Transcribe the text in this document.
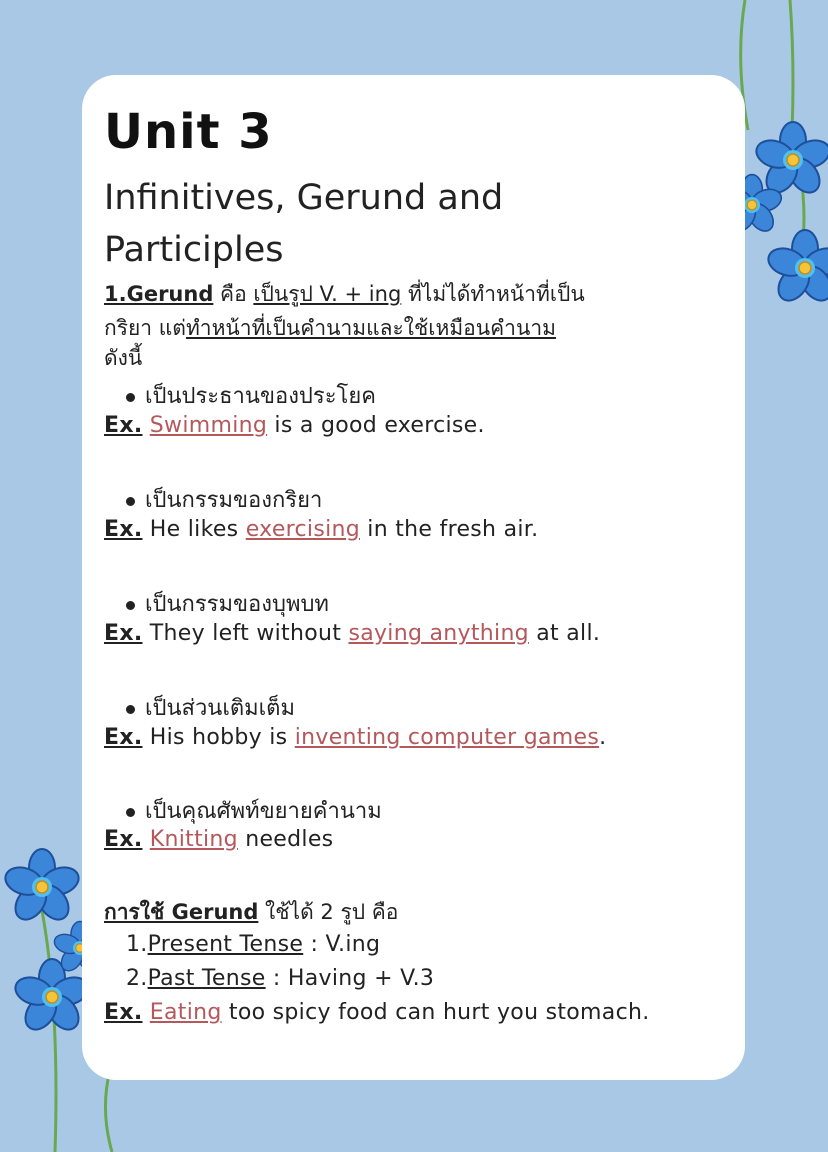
Unit 3
Infinitives, Gerund and
Participles
1.Gerund คือ เป็นรูป V. + ing ที่ไม่ได้ทำหน้าที่เป็น
กริยา แต่ทำหน้าที่เป็นคำนามและใช้เหมือนคำนาม
ดังนี้
เป็นประธานของประโยค
Ex. Swimming is a good exercise.
เป็นกรรมของกริยา
Ex. He likes exercising in the fresh air.
เป็นกรรมของบุพบท
Ex. They left without saying anything at all.
เป็นส่วนเติมเต็ม
Ex. His hobby is inventing computer games.
เป็นคุณศัพท์ขยายคำนาม
Ex. Knitting needles
การใช้ Gerund ใช้ได้ 2 รูป คือ
1.Present Tense : V.ing
2.Past Tense : Having + V.3
Ex. Eating too spicy food can hurt you stomach.
